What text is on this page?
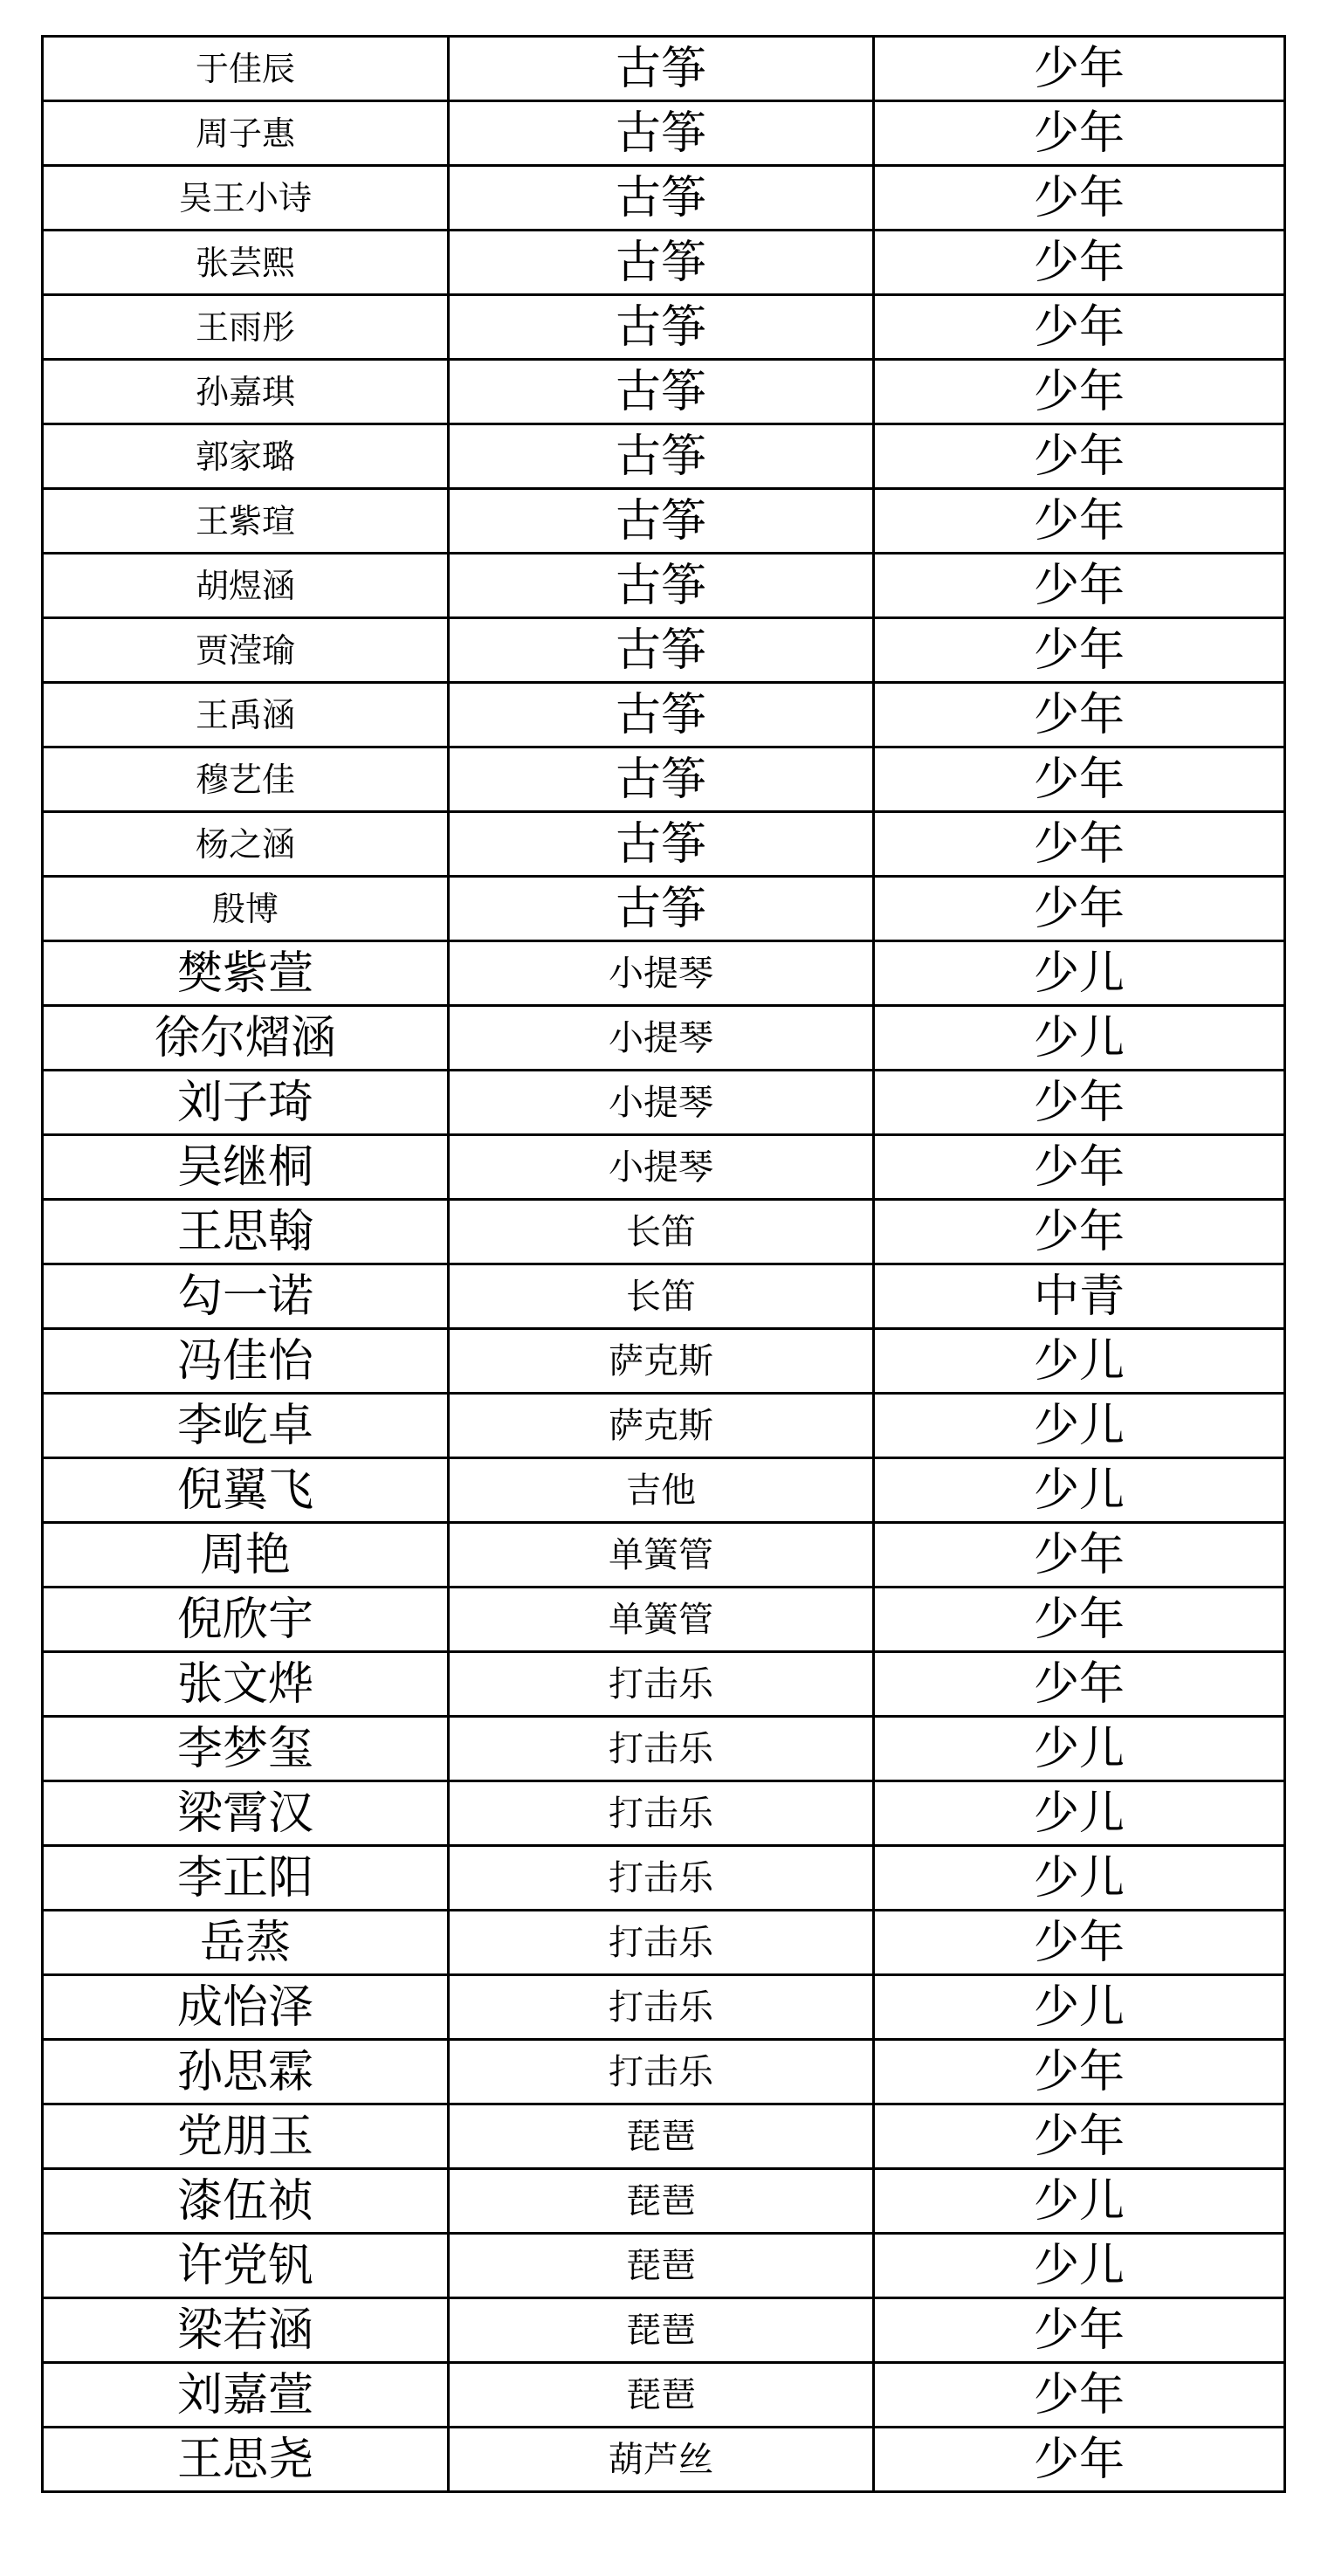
于佳辰	古筝	少年
周子惠	古筝	少年
吴王小诗	古筝	少年
张芸熙	古筝	少年
王雨彤	古筝	少年
孙嘉琪	古筝	少年
郭家璐	古筝	少年
王紫瑄	古筝	少年
胡煜涵	古筝	少年
贾滢瑜	古筝	少年
王禹涵	古筝	少年
穆艺佳	古筝	少年
杨之涵	古筝	少年
殷博	古筝	少年
樊紫萱	小提琴	少儿
徐尔熠涵	小提琴	少儿
刘子琦	小提琴	少年
吴继桐	小提琴	少年
王思翰	长笛	少年
勾一诺	长笛	中青
冯佳怡	萨克斯	少儿
李屹卓	萨克斯	少儿
倪翼飞	吉他	少儿
周艳	单簧管	少年
倪欣宇	单簧管	少年
张文烨	打击乐	少年
李梦玺	打击乐	少儿
梁霄汉	打击乐	少儿
李正阳	打击乐	少儿
岳蒸	打击乐	少年
成怡泽	打击乐	少儿
孙思霖	打击乐	少年
党朋玉	琵琶	少年
漆伍祯	琵琶	少儿
许党钒	琵琶	少儿
梁若涵	琵琶	少年
刘嘉萱	琵琶	少年
王思尧	葫芦丝	少年
